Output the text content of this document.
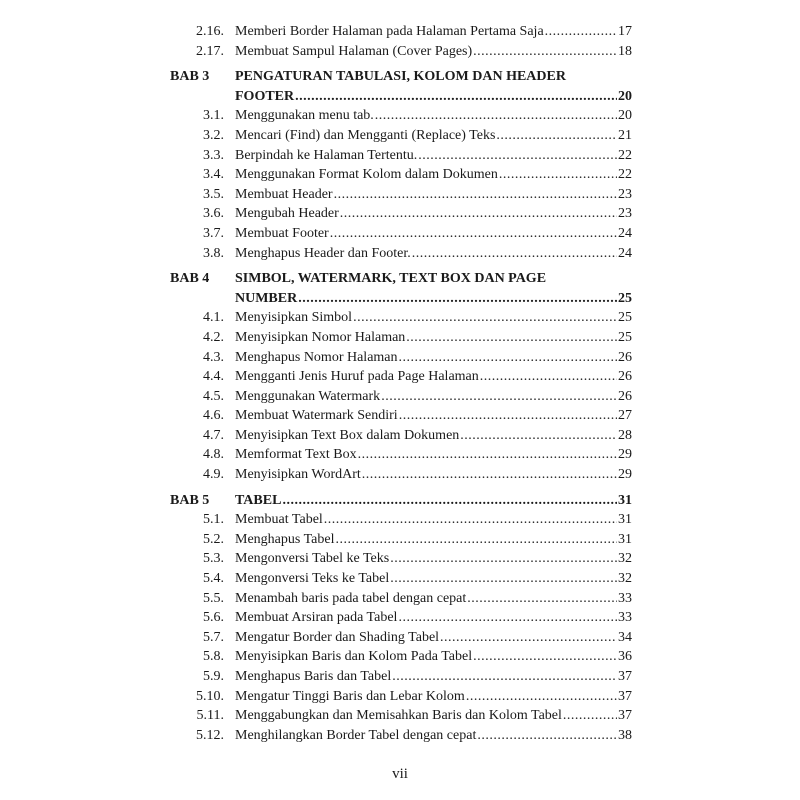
2.16. Memberi Border Halaman pada Halaman Pertama Saja .....	17
2.17. Membuat Sampul Halaman (Cover Pages) .....	18
BAB 3 PENGATURAN TABULASI, KOLOM DAN HEADER
FOOTER .....	20
3.1. Menggunakan menu tab. .....	20
3.2. Mencari (Find) dan Mengganti (Replace) Teks .....	21
3.3. Berpindah ke Halaman Tertentu. .....	22
3.4. Menggunakan Format Kolom dalam Dokumen .....	22
3.5. Membuat Header .....	23
3.6. Mengubah Header .....	23
3.7. Membuat Footer .....	24
3.8. Menghapus Header dan Footer. .....	24
BAB 4 SIMBOL, WATERMARK, TEXT BOX DAN PAGE
NUMBER .....	25
4.1. Menyisipkan Simbol .....	25
4.2. Menyisipkan Nomor Halaman .....	25
4.3. Menghapus Nomor Halaman .....	26
4.4. Mengganti Jenis Huruf pada Page Halaman .....	26
4.5. Menggunakan Watermark .....	26
4.6. Membuat Watermark Sendiri .....	27
4.7. Menyisipkan Text Box dalam Dokumen .....	28
4.8. Memformat Text Box .....	29
4.9. Menyisipkan WordArt .....	29
BAB 5 TABEL .....	31
5.1. Membuat Tabel .....	31
5.2. Menghapus Tabel .....	31
5.3. Mengonversi Tabel ke Teks .....	32
5.4. Mengonversi Teks ke Tabel .....	32
5.5. Menambah baris pada tabel dengan cepat .....	33
5.6. Membuat Arsiran pada Tabel .....	33
5.7. Mengatur Border dan Shading Tabel .....	34
5.8. Menyisipkan Baris dan Kolom Pada Tabel .....	36
5.9. Menghapus Baris dan Tabel .....	37
5.10. Mengatur Tinggi Baris dan Lebar Kolom .....	37
5.11. Menggabungkan dan Memisahkan Baris dan Kolom Tabel .....	37
5.12. Menghilangkan Border Tabel dengan cepat .....	38
vii
